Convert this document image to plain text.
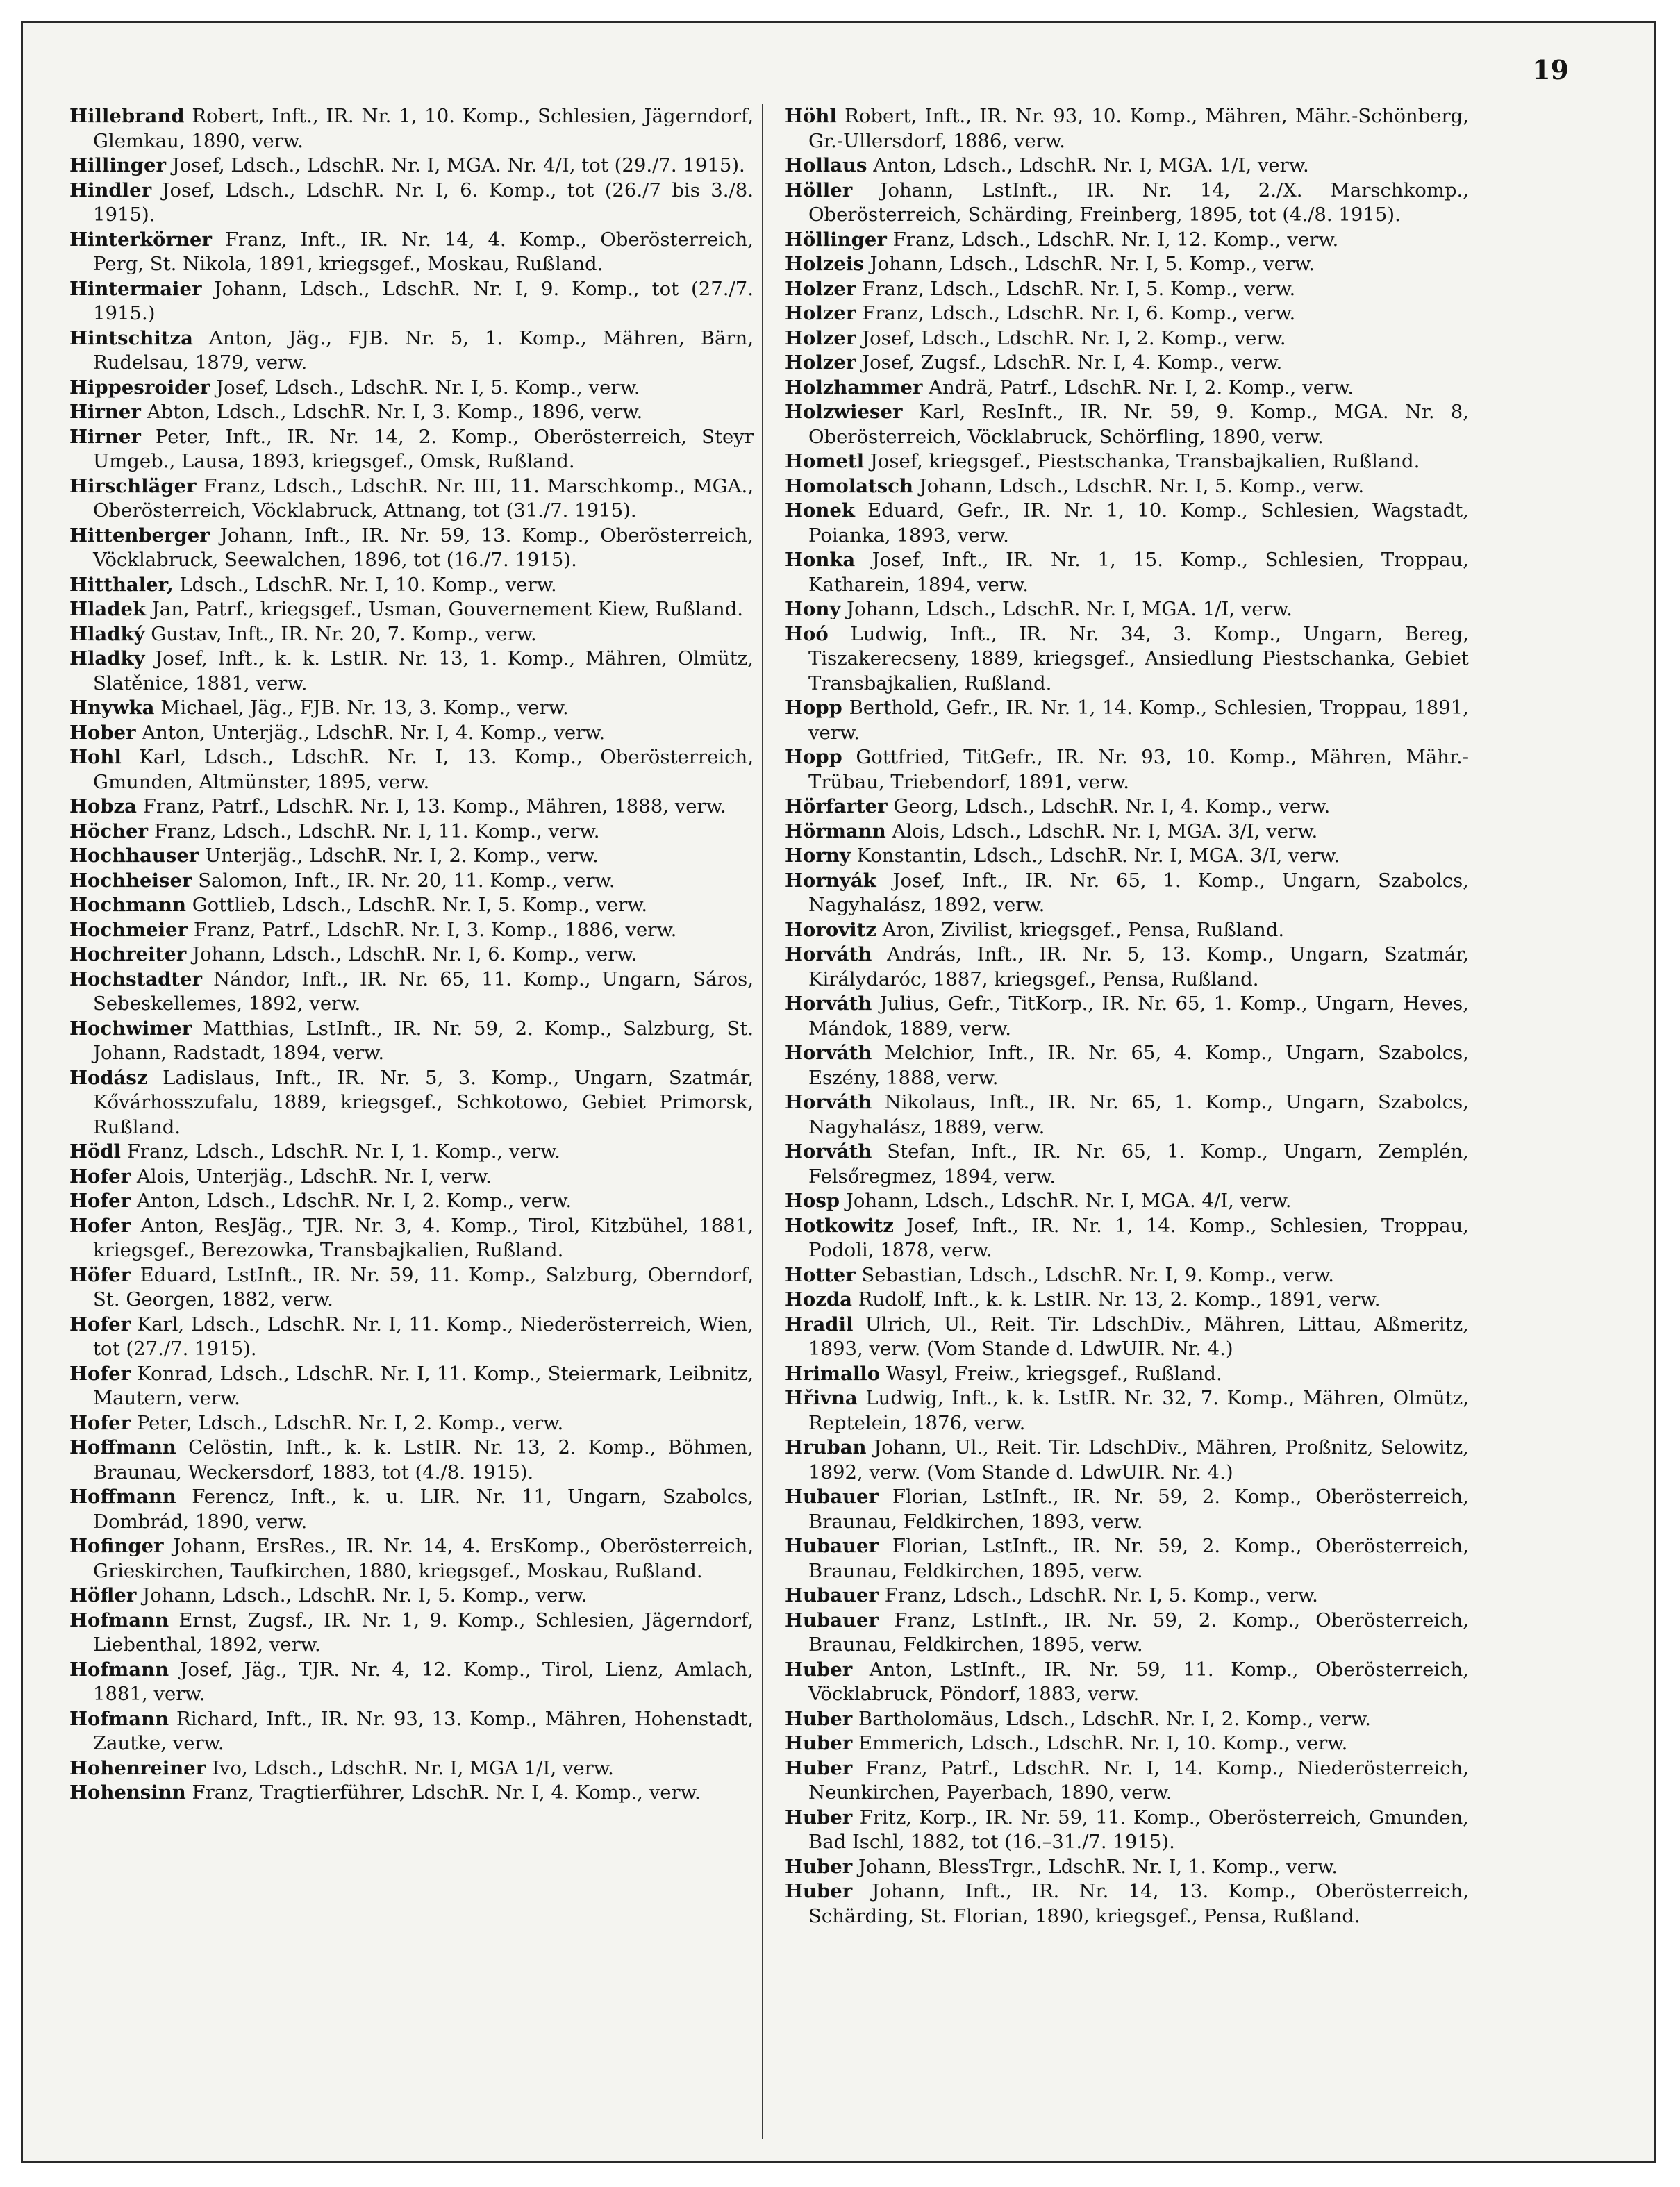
19

Hillebrand Robert, Inft., IR. Nr. 1, 10. Komp., Schlesien, Jägerndorf, Glemkau, 1890, verw.

Hillinger Josef, Ldsch., LdschR. Nr. I, MGA. Nr. 4/I, tot (29./7. 1915).

Hindler Josef, Ldsch., LdschR. Nr. I, 6. Komp., tot (26./7 bis 3./8. 1915).

Hinterkörner Franz, Inft., IR. Nr. 14, 4. Komp., Oberösterreich, Perg, St. Nikola, 1891, kriegsgef., Moskau, Rußland.

Hintermaier Johann, Ldsch., LdschR. Nr. I, 9. Komp., tot (27./7. 1915.)

Hintschitza Anton, Jäg., FJB. Nr. 5, 1. Komp., Mähren, Bärn, Rudelsau, 1879, verw.

Hippesroider Josef, Ldsch., LdschR. Nr. I, 5. Komp., verw.

Hirner Abton, Ldsch., LdschR. Nr. I, 3. Komp., 1896, verw.

Hirner Peter, Inft., IR. Nr. 14, 2. Komp., Oberösterreich, Steyr Umgeb., Lausa, 1893, kriegsgef., Omsk, Rußland.

Hirschläger Franz, Ldsch., LdschR. Nr. III, 11. Marschkomp., MGA., Oberösterreich, Vöcklabruck, Attnang, tot (31./7. 1915).

Hittenberger Johann, Inft., IR. Nr. 59, 13. Komp., Oberösterreich, Vöcklabruck, Seewalchen, 1896, tot (16./7. 1915).

Hitthaler, Ldsch., LdschR. Nr. I, 10. Komp., verw.

Hladek Jan, Patrf., kriegsgef., Usman, Gouvernement Kiew, Rußland.

Hladký Gustav, Inft., IR. Nr. 20, 7. Komp., verw.

Hladky Josef, Inft., k. k. LstIR. Nr. 13, 1. Komp., Mähren, Olmütz, Slatěnice, 1881, verw.

Hnywka Michael, Jäg., FJB. Nr. 13, 3. Komp., verw.

Hober Anton, Unterjäg., LdschR. Nr. I, 4. Komp., verw.

Hohl Karl, Ldsch., LdschR. Nr. I, 13. Komp., Oberösterreich, Gmunden, Altmünster, 1895, verw.

Hobza Franz, Patrf., LdschR. Nr. I, 13. Komp., Mähren, 1888, verw.

Höcher Franz, Ldsch., LdschR. Nr. I, 11. Komp., verw.

Hochhauser Unterjäg., LdschR. Nr. I, 2. Komp., verw.

Hochheiser Salomon, Inft., IR. Nr. 20, 11. Komp., verw.

Hochmann Gottlieb, Ldsch., LdschR. Nr. I, 5. Komp., verw.

Hochmeier Franz, Patrf., LdschR. Nr. I, 3. Komp., 1886, verw.

Hochreiter Johann, Ldsch., LdschR. Nr. I, 6. Komp., verw.

Hochstadter Nándor, Inft., IR. Nr. 65, 11. Komp., Ungarn, Sáros, Sebeskellemes, 1892, verw.

Hochwimer Matthias, LstInft., IR. Nr. 59, 2. Komp., Salzburg, St. Johann, Radstadt, 1894, verw.

Hodász Ladislaus, Inft., IR. Nr. 5, 3. Komp., Ungarn, Szatmár, Kővárhosszufalu, 1889, kriegsgef., Schkotowo, Gebiet Primorsk, Rußland.

Hödl Franz, Ldsch., LdschR. Nr. I, 1. Komp., verw.

Hofer Alois, Unterjäg., LdschR. Nr. I, verw.

Hofer Anton, Ldsch., LdschR. Nr. I, 2. Komp., verw.

Hofer Anton, ResJäg., TJR. Nr. 3, 4. Komp., Tirol, Kitzbühel, 1881, kriegsgef., Berezowka, Transbajkalien, Rußland.

Höfer Eduard, LstInft., IR. Nr. 59, 11. Komp., Salzburg, Oberndorf, St. Georgen, 1882, verw.

Hofer Karl, Ldsch., LdschR. Nr. I, 11. Komp., Niederösterreich, Wien, tot (27./7. 1915).

Hofer Konrad, Ldsch., LdschR. Nr. I, 11. Komp., Steiermark, Leibnitz, Mautern, verw.

Hofer Peter, Ldsch., LdschR. Nr. I, 2. Komp., verw.

Hoffmann Celöstin, Inft., k. k. LstIR. Nr. 13, 2. Komp., Böhmen, Braunau, Weckersdorf, 1883, tot (4./8. 1915).

Hoffmann Ferencz, Inft., k. u. LIR. Nr. 11, Ungarn, Szabolcs, Dombrád, 1890, verw.

Hofinger Johann, ErsRes., IR. Nr. 14, 4. ErsKomp., Oberösterreich, Grieskirchen, Taufkirchen, 1880, kriegsgef., Moskau, Rußland.

Höfler Johann, Ldsch., LdschR. Nr. I, 5. Komp., verw.

Hofmann Ernst, Zugsf., IR. Nr. 1, 9. Komp., Schlesien, Jägerndorf, Liebenthal, 1892, verw.

Hofmann Josef, Jäg., TJR. Nr. 4, 12. Komp., Tirol, Lienz, Amlach, 1881, verw.

Hofmann Richard, Inft., IR. Nr. 93, 13. Komp., Mähren, Hohenstadt, Zautke, verw.

Hohenreiner Ivo, Ldsch., LdschR. Nr. I, MGA 1/I, verw.

Hohensinn Franz, Tragtierführer, LdschR. Nr. I, 4. Komp., verw.

Höhl Robert, Inft., IR. Nr. 93, 10. Komp., Mähren, Mähr.-Schönberg, Gr.-Ullersdorf, 1886, verw.

Hollaus Anton, Ldsch., LdschR. Nr. I, MGA. 1/I, verw.

Höller Johann, LstInft., IR. Nr. 14, 2./X. Marschkomp., Oberösterreich, Schärding, Freinberg, 1895, tot (4./8. 1915).

Höllinger Franz, Ldsch., LdschR. Nr. I, 12. Komp., verw.

Holzeis Johann, Ldsch., LdschR. Nr. I, 5. Komp., verw.

Holzer Franz, Ldsch., LdschR. Nr. I, 5. Komp., verw.

Holzer Franz, Ldsch., LdschR. Nr. I, 6. Komp., verw.

Holzer Josef, Ldsch., LdschR. Nr. I, 2. Komp., verw.

Holzer Josef, Zugsf., LdschR. Nr. I, 4. Komp., verw.

Holzhammer Andrä, Patrf., LdschR. Nr. I, 2. Komp., verw.

Holzwieser Karl, ResInft., IR. Nr. 59, 9. Komp., MGA. Nr. 8, Oberösterreich, Vöcklabruck, Schörfling, 1890, verw.

Hometl Josef, kriegsgef., Piestschanka, Transbajkalien, Rußland.

Homolatsch Johann, Ldsch., LdschR. Nr. I, 5. Komp., verw.

Honek Eduard, Gefr., IR. Nr. 1, 10. Komp., Schlesien, Wagstadt, Poianka, 1893, verw.

Honka Josef, Inft., IR. Nr. 1, 15. Komp., Schlesien, Troppau, Katharein, 1894, verw.

Hony Johann, Ldsch., LdschR. Nr. I, MGA. 1/I, verw.

Hoó Ludwig, Inft., IR. Nr. 34, 3. Komp., Ungarn, Bereg, Tiszakerecseny, 1889, kriegsgef., Ansiedlung Piestschanka, Gebiet Transbajkalien, Rußland.

Hopp Berthold, Gefr., IR. Nr. 1, 14. Komp., Schlesien, Troppau, 1891, verw.

Hopp Gottfried, TitGefr., IR. Nr. 93, 10. Komp., Mähren, Mähr.-Trübau, Triebendorf, 1891, verw.

Hörfarter Georg, Ldsch., LdschR. Nr. I, 4. Komp., verw.

Hörmann Alois, Ldsch., LdschR. Nr. I, MGA. 3/I, verw.

Horny Konstantin, Ldsch., LdschR. Nr. I, MGA. 3/I, verw.

Hornyák Josef, Inft., IR. Nr. 65, 1. Komp., Ungarn, Szabolcs, Nagyhalász, 1892, verw.

Horovitz Aron, Zivilist, kriegsgef., Pensa, Rußland.

Horváth András, Inft., IR. Nr. 5, 13. Komp., Ungarn, Szatmár, Királydaróc, 1887, kriegsgef., Pensa, Rußland.

Horváth Julius, Gefr., TitKorp., IR. Nr. 65, 1. Komp., Ungarn, Heves, Mándok, 1889, verw.

Horváth Melchior, Inft., IR. Nr. 65, 4. Komp., Ungarn, Szabolcs, Eszény, 1888, verw.

Horváth Nikolaus, Inft., IR. Nr. 65, 1. Komp., Ungarn, Szabolcs, Nagyhalász, 1889, verw.

Horváth Stefan, Inft., IR. Nr. 65, 1. Komp., Ungarn, Zemplén, Felsőregmez, 1894, verw.

Hosp Johann, Ldsch., LdschR. Nr. I, MGA. 4/I, verw.

Hotkowitz Josef, Inft., IR. Nr. 1, 14. Komp., Schlesien, Troppau, Podoli, 1878, verw.

Hotter Sebastian, Ldsch., LdschR. Nr. I, 9. Komp., verw.

Hozda Rudolf, Inft., k. k. LstIR. Nr. 13, 2. Komp., 1891, verw.

Hradil Ulrich, Ul., Reit. Tir. LdschDiv., Mähren, Littau, Aßmeritz, 1893, verw. (Vom Stande d. LdwUIR. Nr. 4.)

Hrimallo Wasyl, Freiw., kriegsgef., Rußland.

Hřivna Ludwig, Inft., k. k. LstIR. Nr. 32, 7. Komp., Mähren, Olmütz, Reptelein, 1876, verw.

Hruban Johann, Ul., Reit. Tir. LdschDiv., Mähren, Proßnitz, Selowitz, 1892, verw. (Vom Stande d. LdwUIR. Nr. 4.)

Hubauer Florian, LstInft., IR. Nr. 59, 2. Komp., Oberösterreich, Braunau, Feldkirchen, 1893, verw.

Hubauer Florian, LstInft., IR. Nr. 59, 2. Komp., Oberösterreich, Braunau, Feldkirchen, 1895, verw.

Hubauer Franz, Ldsch., LdschR. Nr. I, 5. Komp., verw.

Hubauer Franz, LstInft., IR. Nr. 59, 2. Komp., Oberösterreich, Braunau, Feldkirchen, 1895, verw.

Huber Anton, LstInft., IR. Nr. 59, 11. Komp., Oberösterreich, Vöcklabruck, Pöndorf, 1883, verw.

Huber Bartholomäus, Ldsch., LdschR. Nr. I, 2. Komp., verw.

Huber Emmerich, Ldsch., LdschR. Nr. I, 10. Komp., verw.

Huber Franz, Patrf., LdschR. Nr. I, 14. Komp., Niederösterreich, Neunkirchen, Payerbach, 1890, verw.

Huber Fritz, Korp., IR. Nr. 59, 11. Komp., Oberösterreich, Gmunden, Bad Ischl, 1882, tot (16.–31./7. 1915).

Huber Johann, BlessTrgr., LdschR. Nr. I, 1. Komp., verw.

Huber Johann, Inft., IR. Nr. 14, 13. Komp., Oberösterreich, Schärding, St. Florian, 1890, kriegsgef., Pensa, Rußland.
